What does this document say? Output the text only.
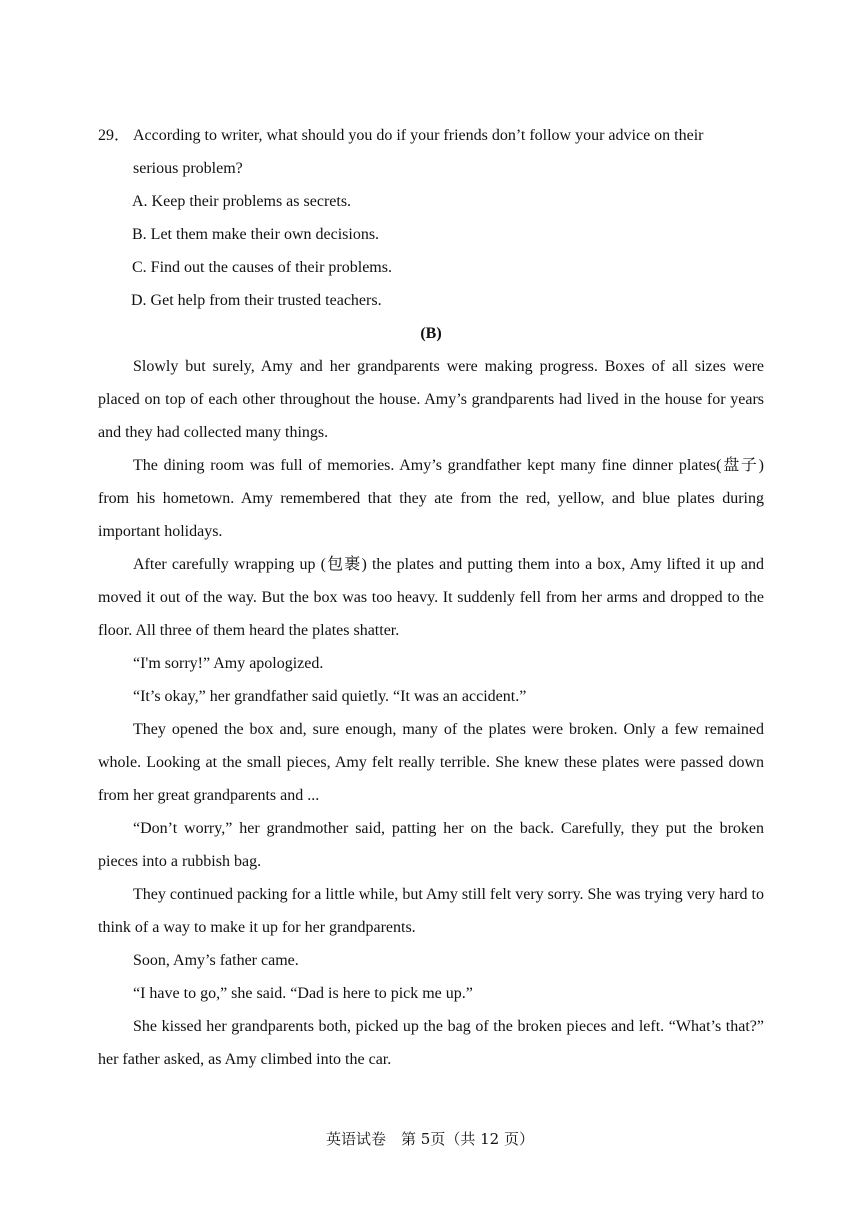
29． According to writer, what should you do if your friends don’t follow your advice on their
serious problem?
A. Keep their problems as secrets.
B. Let them make their own decisions.
C. Find out the causes of their problems.
D. Get help from their trusted teachers.
(B)

Slowly but surely, Amy and her grandparents were making progress. Boxes of all sizes were placed on top of each other throughout the house. Amy’s grandparents had lived in the house for years and they had collected many things.

The dining room was full of memories. Amy’s grandfather kept many fine dinner plates(盘子) from his hometown. Amy remembered that they ate from the red, yellow, and blue plates during important holidays.

After carefully wrapping up (包裹) the plates and putting them into a box, Amy lifted it up and moved it out of the way. But the box was too heavy. It suddenly fell from her arms and dropped to the floor. All three of them heard the plates shatter.

“I'm sorry!” Amy apologized.

“It’s okay,” her grandfather said quietly. “It was an accident.”

They opened the box and, sure enough, many of the plates were broken. Only a few remained whole. Looking at the small pieces, Amy felt really terrible. She knew these plates were passed down from her great grandparents and ...

“Don’t worry,” her grandmother said, patting her on the back. Carefully, they put the broken pieces into a rubbish bag.

They continued packing for a little while, but Amy still felt very sorry. She was trying very hard to think of a way to make it up for her grandparents.

Soon, Amy’s father came.

“I have to go,” she said. “Dad is here to pick me up.”

She kissed her grandparents both, picked up the bag of the broken pieces and left. “What’s that?” her father asked, as Amy climbed into the car.

英语试卷　第 5页（共 12 页）
